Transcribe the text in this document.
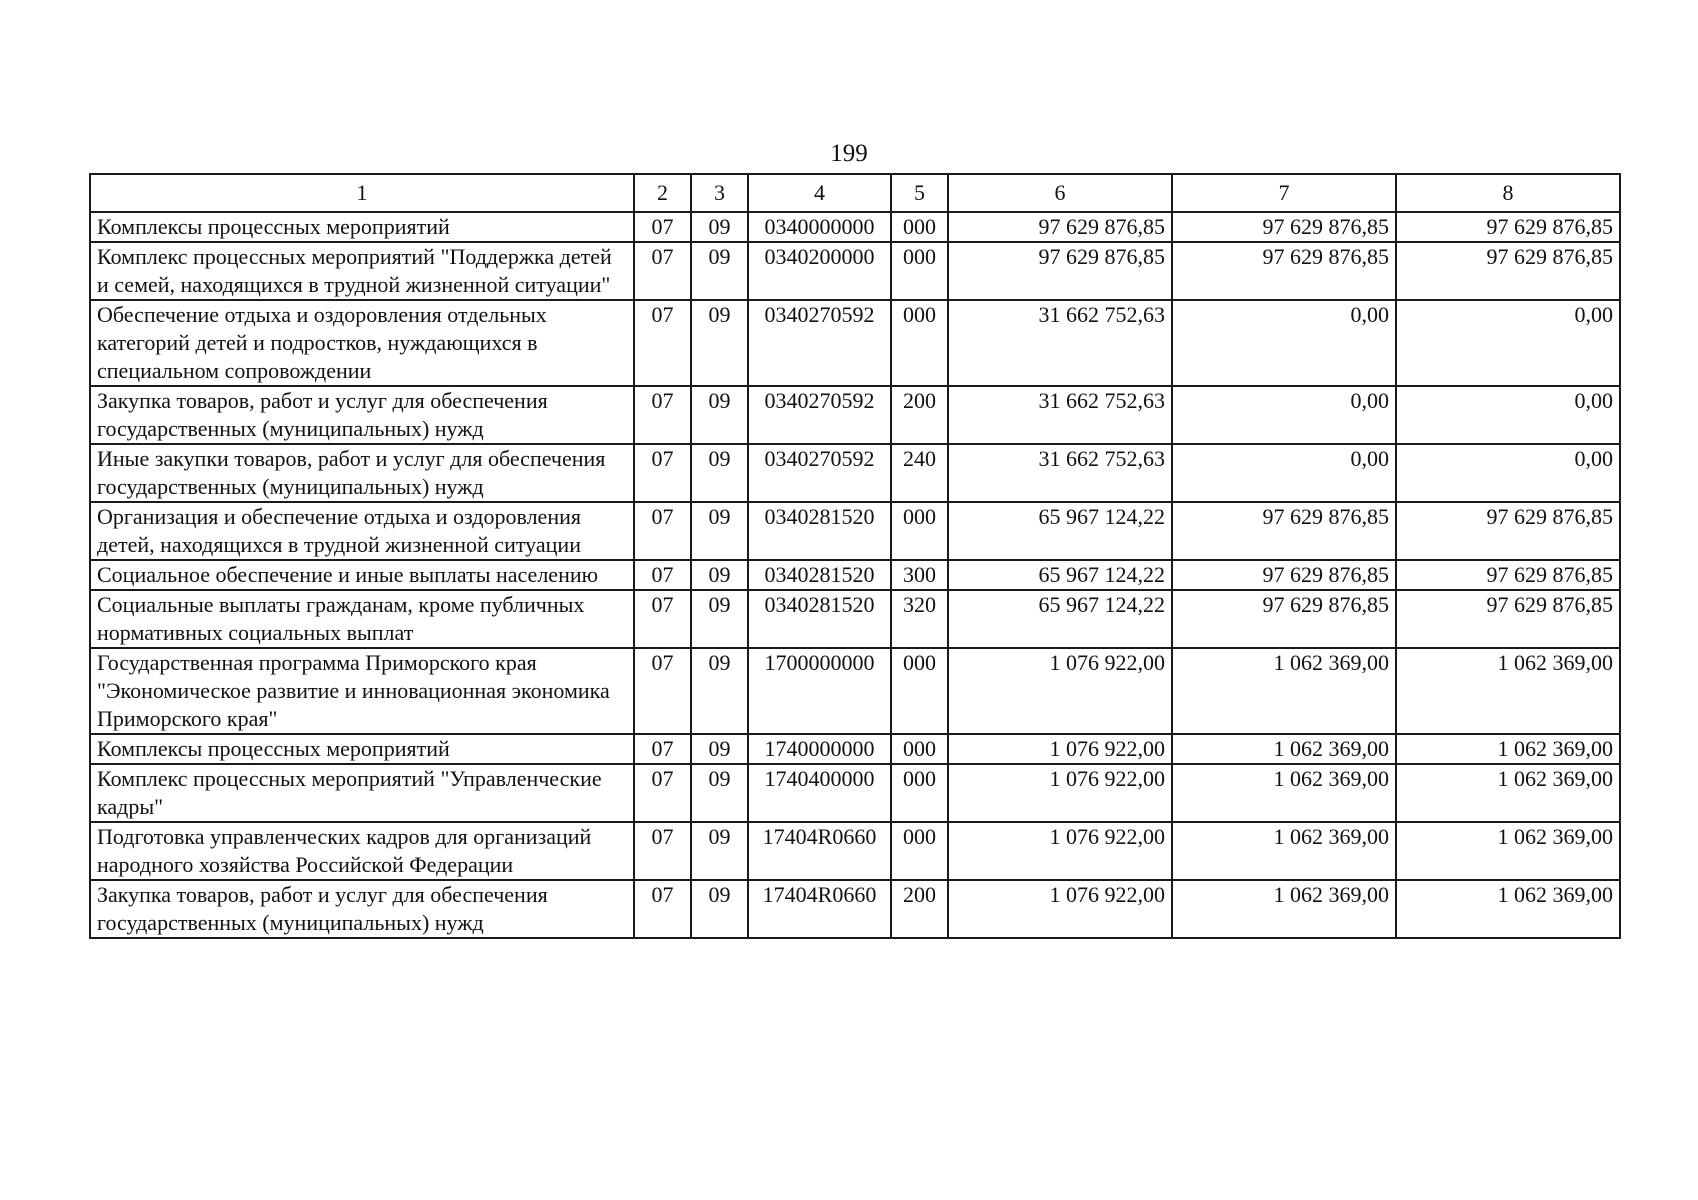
199
1	2	3	4	5	6	7	8
Комплексы процессных мероприятий	07	09	0340000000	000	97 629 876,85	97 629 876,85	97 629 876,85
Комплекс процессных мероприятий "Поддержка детей и семей, находящихся в трудной жизненной ситуации"	07	09	0340200000	000	97 629 876,85	97 629 876,85	97 629 876,85
Обеспечение отдыха и оздоровления отдельных категорий детей и подростков, нуждающихся в специальном сопровождении	07	09	0340270592	000	31 662 752,63	0,00	0,00
Закупка товаров, работ и услуг для обеспечения государственных (муниципальных) нужд	07	09	0340270592	200	31 662 752,63	0,00	0,00
Иные закупки товаров, работ и услуг для обеспечения государственных (муниципальных) нужд	07	09	0340270592	240	31 662 752,63	0,00	0,00
Организация и обеспечение отдыха и оздоровления детей, находящихся в трудной жизненной ситуации	07	09	0340281520	000	65 967 124,22	97 629 876,85	97 629 876,85
Социальное обеспечение и иные выплаты населению	07	09	0340281520	300	65 967 124,22	97 629 876,85	97 629 876,85
Социальные выплаты гражданам, кроме публичных нормативных социальных выплат	07	09	0340281520	320	65 967 124,22	97 629 876,85	97 629 876,85
Государственная программа Приморского края "Экономическое развитие и инновационная экономика Приморского края"	07	09	1700000000	000	1 076 922,00	1 062 369,00	1 062 369,00
Комплексы процессных мероприятий	07	09	1740000000	000	1 076 922,00	1 062 369,00	1 062 369,00
Комплекс процессных мероприятий "Управленческие кадры"	07	09	1740400000	000	1 076 922,00	1 062 369,00	1 062 369,00
Подготовка управленческих кадров для организаций народного хозяйства Российской Федерации	07	09	17404R0660	000	1 076 922,00	1 062 369,00	1 062 369,00
Закупка товаров, работ и услуг для обеспечения государственных (муниципальных) нужд	07	09	17404R0660	200	1 076 922,00	1 062 369,00	1 062 369,00
